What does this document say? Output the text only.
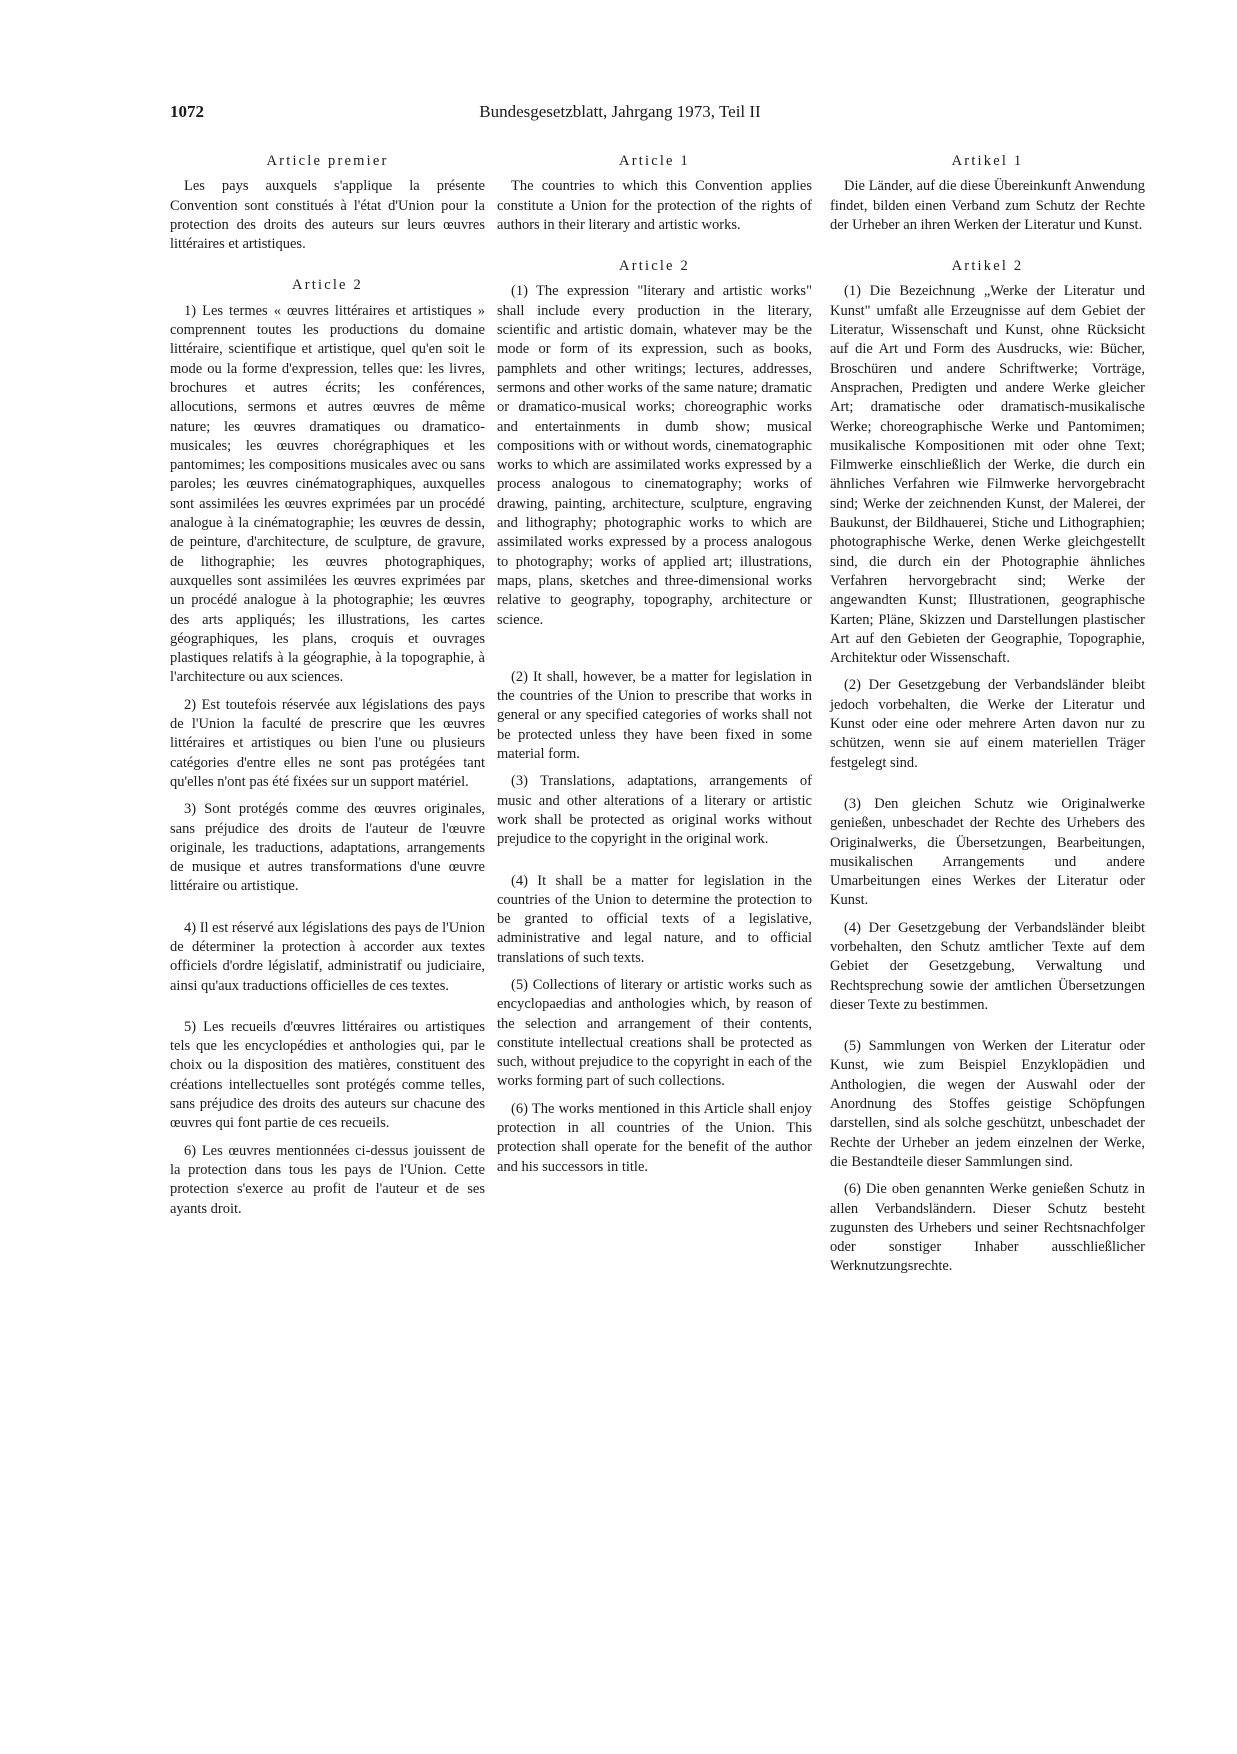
1072	Bundesgesetzblatt, Jahrgang 1973, Teil II
Article premier

Les pays auxquels s'applique la présente Convention sont constitués à l'état d'Union pour la protection des droits des auteurs sur leurs œuvres littéraires et artistiques.

Article 2

1) Les termes « œuvres littéraires et artistiques » comprennent toutes les productions du domaine littéraire, scientifique et artistique, quel qu'en soit le mode ou la forme d'expression, telles que: les livres, brochures et autres écrits; les conférences, allocutions, sermons et autres œuvres de même nature; les œuvres dramatiques ou dramatico-musicales; les œuvres chorégraphiques et les pantomimes; les compositions musicales avec ou sans paroles; les œuvres cinématographiques, auxquelles sont assimilées les œuvres exprimées par un procédé analogue à la cinématographie; les œuvres de dessin, de peinture, d'architecture, de sculpture, de gravure, de lithographie; les œuvres photographiques, auxquelles sont assimilées les œuvres exprimées par un procédé analogue à la photographie; les œuvres des arts appliqués; les illustrations, les cartes géographiques, les plans, croquis et ouvrages plastiques relatifs à la géographie, à la topographie, à l'architecture ou aux sciences.

2) Est toutefois réservée aux législations des pays de l'Union la faculté de prescrire que les œuvres littéraires et artistiques ou bien l'une ou plusieurs catégories d'entre elles ne sont pas protégées tant qu'elles n'ont pas été fixées sur un support matériel.

3) Sont protégés comme des œuvres originales, sans préjudice des droits de l'auteur de l'œuvre originale, les traductions, adaptations, arrangements de musique et autres transformations d'une œuvre littéraire ou artistique.

4) Il est réservé aux législations des pays de l'Union de déterminer la protection à accorder aux textes officiels d'ordre législatif, administratif ou judiciaire, ainsi qu'aux traductions officielles de ces textes.

5) Les recueils d'œuvres littéraires ou artistiques tels que les encyclopédies et anthologies qui, par le choix ou la disposition des matières, constituent des créations intellectuelles sont protégés comme telles, sans préjudice des droits des auteurs sur chacune des œuvres qui font partie de ces recueils.

6) Les œuvres mentionnées ci-dessus jouissent de la protection dans tous les pays de l'Union. Cette protection s'exerce au profit de l'auteur et de ses ayants droit.

Article 1

The countries to which this Convention applies constitute a Union for the protection of the rights of authors in their literary and artistic works.

Article 2

(1) The expression "literary and artistic works" shall include every production in the literary, scientific and artistic domain, whatever may be the mode or form of its expression, such as books, pamphlets and other writings; lectures, addresses, sermons and other works of the same nature; dramatic or dramatico-musical works; choreographic works and entertainments in dumb show; musical compositions with or without words, cinematographic works to which are assimilated works expressed by a process analogous to cinematography; works of drawing, painting, architecture, sculpture, engraving and lithography; photographic works to which are assimilated works expressed by a process analogous to photography; works of applied art; illustrations, maps, plans, sketches and three-dimensional works relative to geography, topography, architecture or science.

(2) It shall, however, be a matter for legislation in the countries of the Union to prescribe that works in general or any specified categories of works shall not be protected unless they have been fixed in some material form.

(3) Translations, adaptations, arrangements of music and other alterations of a literary or artistic work shall be protected as original works without prejudice to the copyright in the original work.

(4) It shall be a matter for legislation in the countries of the Union to determine the protection to be granted to official texts of a legislative, administrative and legal nature, and to official translations of such texts.

(5) Collections of literary or artistic works such as encyclopaedias and anthologies which, by reason of the selection and arrangement of their contents, constitute intellectual creations shall be protected as such, without prejudice to the copyright in each of the works forming part of such collections.

(6) The works mentioned in this Article shall enjoy protection in all countries of the Union. This protection shall operate for the benefit of the author and his successors in title.

Artikel 1

Die Länder, auf die diese Übereinkunft Anwendung findet, bilden einen Verband zum Schutz der Rechte der Urheber an ihren Werken der Literatur und Kunst.

Artikel 2

(1) Die Bezeichnung „Werke der Literatur und Kunst" umfaßt alle Erzeugnisse auf dem Gebiet der Literatur, Wissenschaft und Kunst, ohne Rücksicht auf die Art und Form des Ausdrucks, wie: Bücher, Broschüren und andere Schriftwerke; Vorträge, Ansprachen, Predigten und andere Werke gleicher Art; dramatische oder dramatisch-musikalische Werke; choreographische Werke und Pantomimen; musikalische Kompositionen mit oder ohne Text; Filmwerke einschließlich der Werke, die durch ein ähnliches Verfahren wie Filmwerke hervorgebracht sind; Werke der zeichnenden Kunst, der Malerei, der Baukunst, der Bildhauerei, Stiche und Lithographien; photographische Werke, denen Werke gleichgestellt sind, die durch ein der Photographie ähnliches Verfahren hervorgebracht sind; Werke der angewandten Kunst; Illustrationen, geographische Karten; Pläne, Skizzen und Darstellungen plastischer Art auf den Gebieten der Geographie, Topographie, Architektur oder Wissenschaft.

(2) Der Gesetzgebung der Verbandsländer bleibt jedoch vorbehalten, die Werke der Literatur und Kunst oder eine oder mehrere Arten davon nur zu schützen, wenn sie auf einem materiellen Träger festgelegt sind.

(3) Den gleichen Schutz wie Originalwerke genießen, unbeschadet der Rechte des Urhebers des Originalwerks, die Übersetzungen, Bearbeitungen, musikalischen Arrangements und andere Umarbeitungen eines Werkes der Literatur oder Kunst.

(4) Der Gesetzgebung der Verbandsländer bleibt vorbehalten, den Schutz amtlicher Texte auf dem Gebiet der Gesetzgebung, Verwaltung und Rechtsprechung sowie der amtlichen Übersetzungen dieser Texte zu bestimmen.

(5) Sammlungen von Werken der Literatur oder Kunst, wie zum Beispiel Enzyklopädien und Anthologien, die wegen der Auswahl oder der Anordnung des Stoffes geistige Schöpfungen darstellen, sind als solche geschützt, unbeschadet der Rechte der Urheber an jedem einzelnen der Werke, die Bestandteile dieser Sammlungen sind.

(6) Die oben genannten Werke genießen Schutz in allen Verbandsländern. Dieser Schutz besteht zugunsten des Urhebers und seiner Rechtsnachfolger oder sonstiger Inhaber ausschließlicher Werknutzungsrechte.
